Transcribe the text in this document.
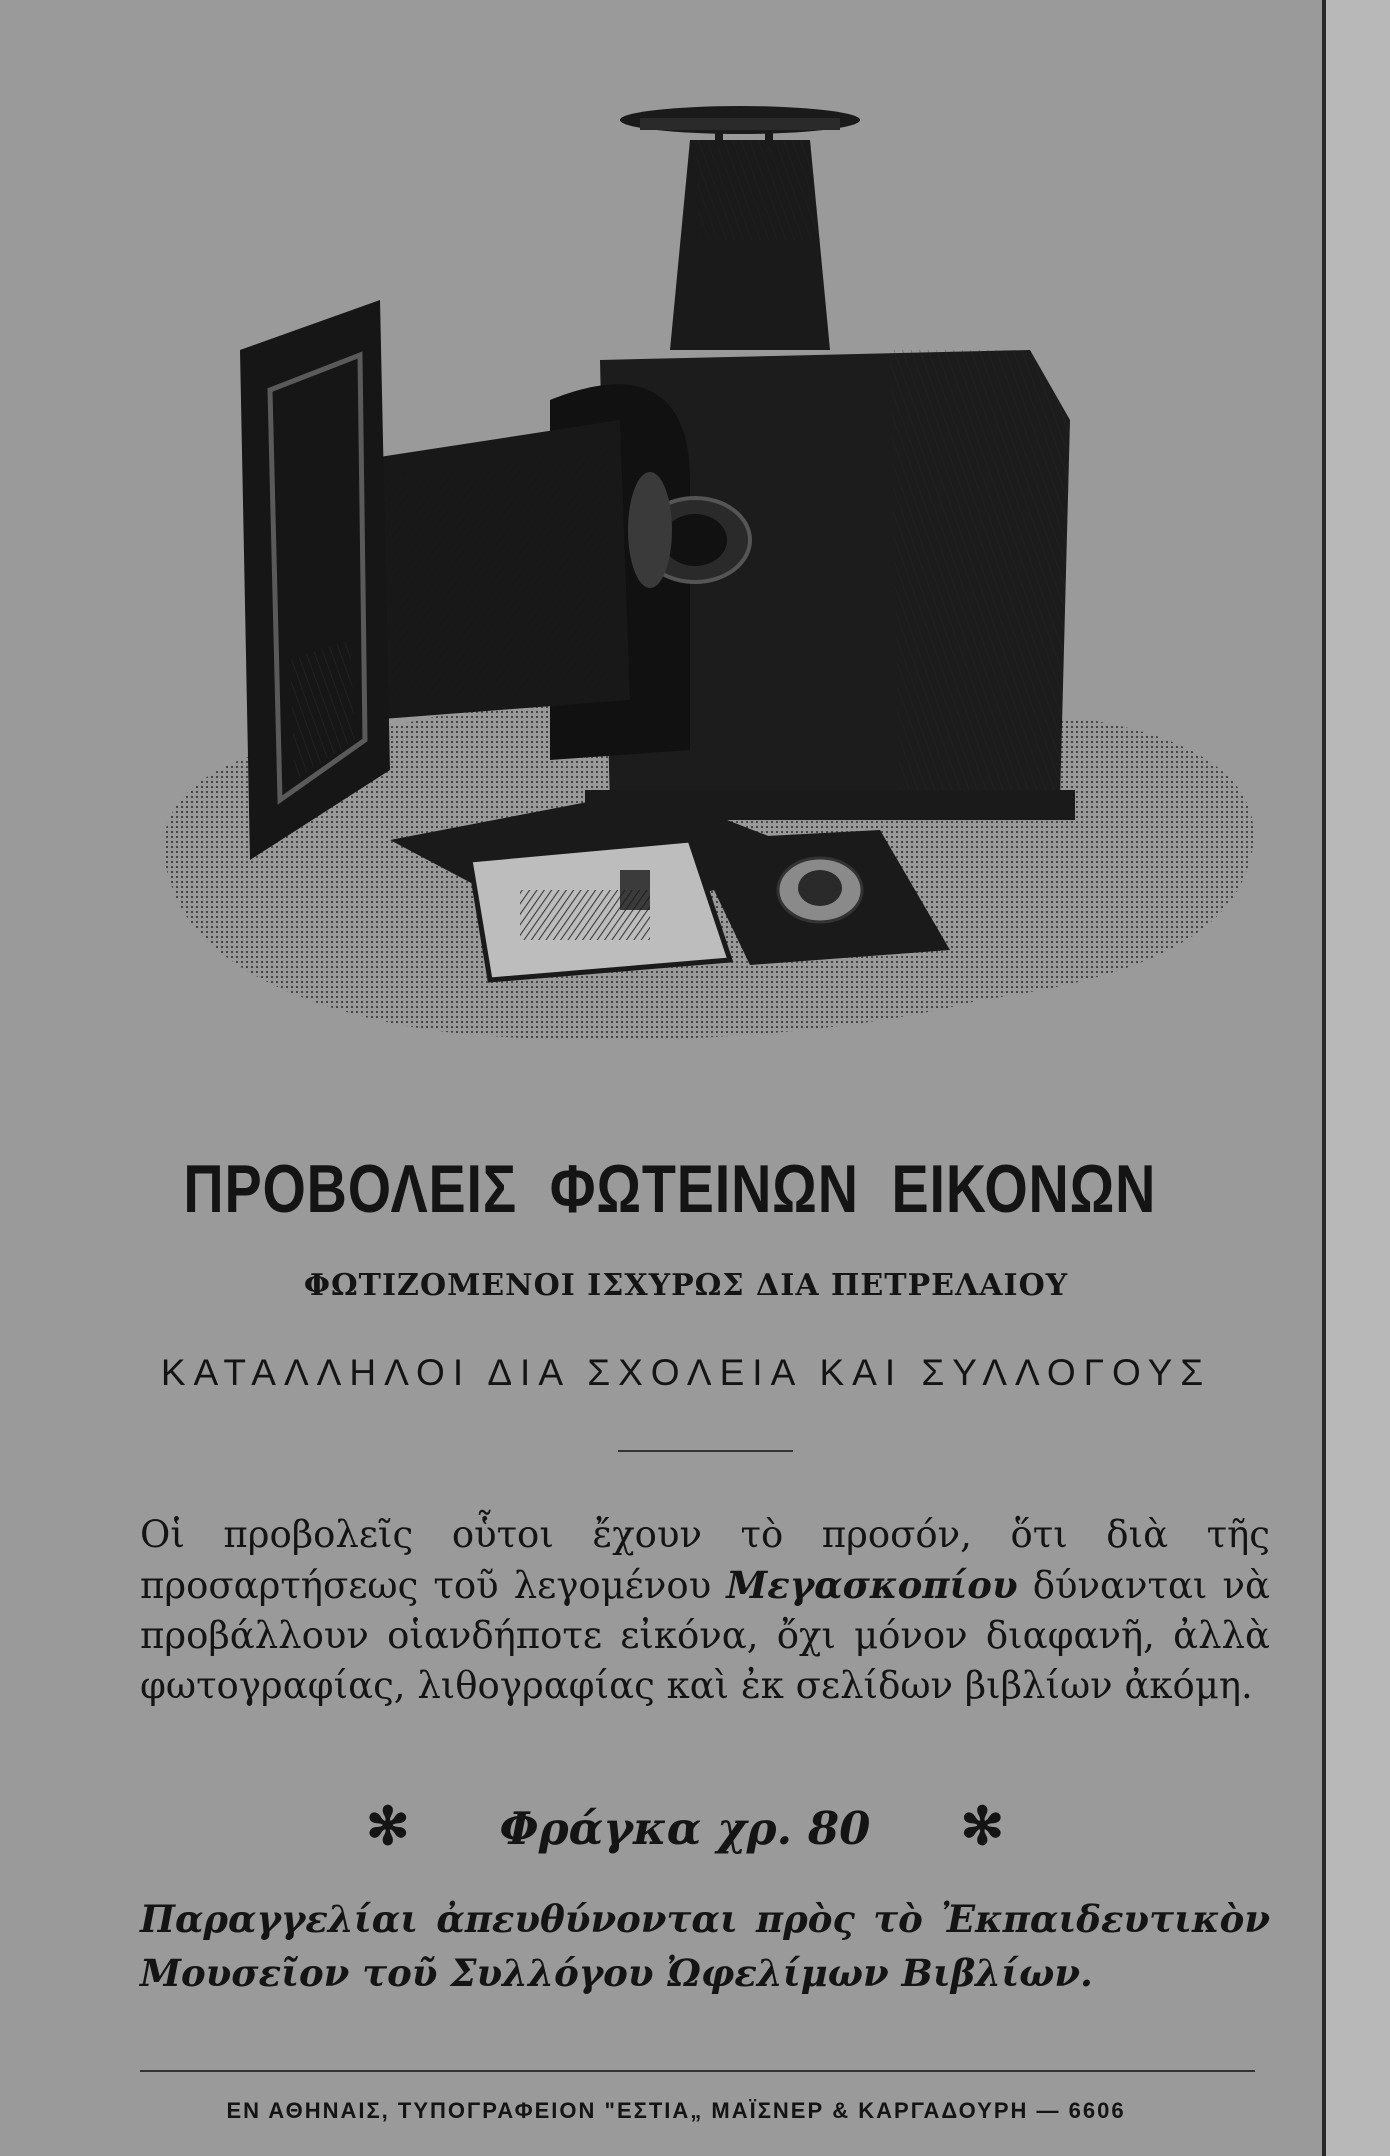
ΠΡΟΒΟΛΕΙΣ ΦΩΤΕΙΝΩΝ ΕΙΚΟΝΩΝ
ΦΩΤΙΖΟΜΕΝΟΙ ΙΣΧΥΡΩΣ ΔΙΑ ΠΕΤΡΕΛΑΙΟΥ
ΚΑΤΑΛΛΗΛΟΙ ΔΙΑ ΣΧΟΛΕΙΑ ΚΑΙ ΣΥΛΛΟΓΟΥΣ

Οἱ προβολεῖς οὗτοι ἔχουν τὸ προσόν, ὅτι διὰ τῆς προσαρτήσεως τοῦ λεγομένου Μεγασκοπίου δύνανται νὰ προβάλλουν οἱανδήποτε εἰκόνα, ὄχι μόνον διαφανῆ, ἀλλὰ φωτογραφίας, λιθογραφίας καὶ ἐκ σελίδων βιβλίων ἀκόμη.

✻ Φράγκα χρ. 80 ✻

Παραγγελίαι ἀπευθύνονται πρὸς τὸ Ἐκπαιδευτικὸν Μουσεῖον τοῦ Συλλόγου Ὠφελίμων Βιβλίων.

ΕΝ ΑΘΗΝΑΙΣ, ΤΥΠΟΓΡΑΦΕΙΟΝ "ΕΣΤΙΑ„ ΜΑΪΣΝΕΡ & ΚΑΡΓΑΔΟΥΡΗ — 6606
